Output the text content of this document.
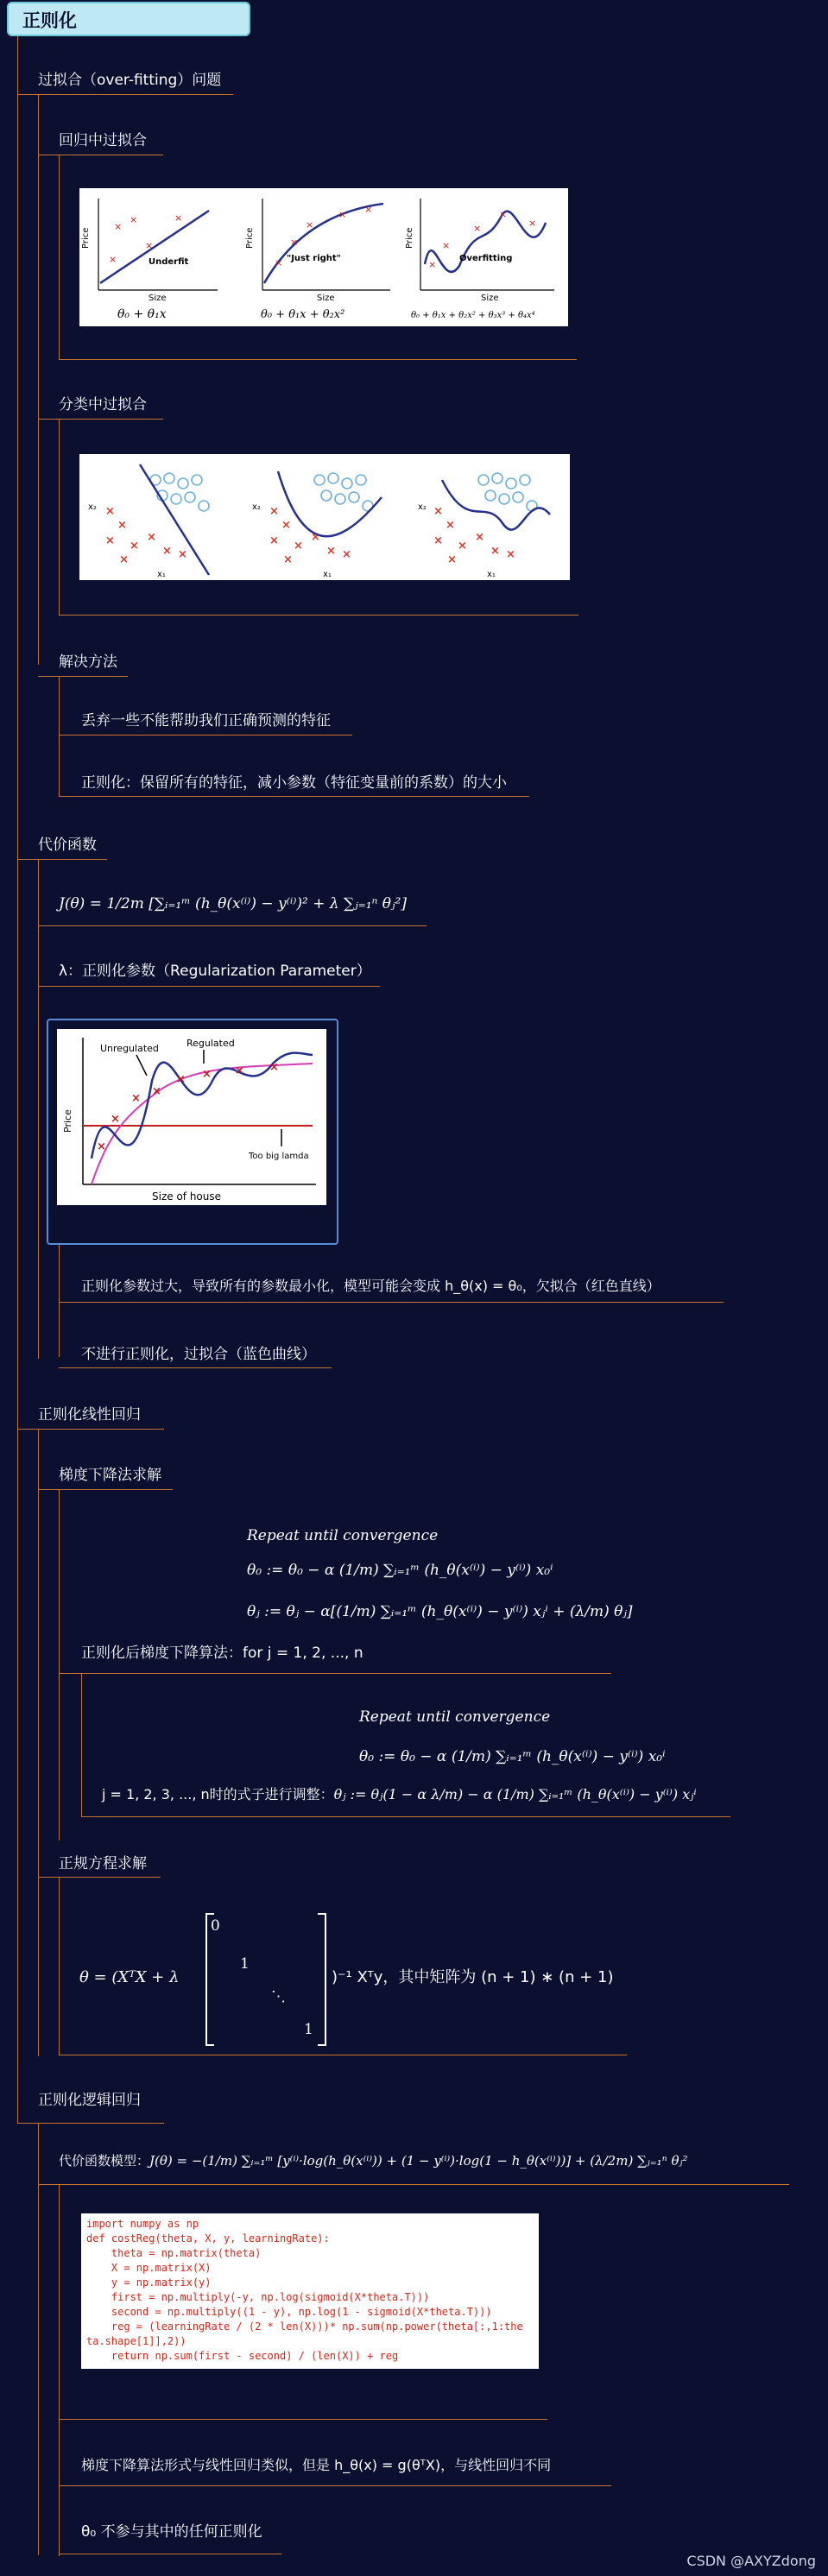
正则化（Regularization）
过拟合（over-fitting）问题
回归中过拟合
×
×
×
×
×	×
×
×
× ×
×
×
×
×
×
Price	Price	Price
Underfit	"Just right"	Overfitting
Size	Size	Size
θ₀ + θ₁x	θ₀ + θ₁x + θ₂x²	θ₀ + θ₁x + θ₂x² + θ₃x³ + θ₄x⁴
分类中过拟合
×
×
× ×
×
× ×
×
×
×
× ×
×
× ×
×
×
×
× ×
×
× ×
×
x₂	x₂	x₂
x₁	x₁	x₁
解决方法
丢弃一些不能帮助我们正确预测的特征
正则化：保留所有的特征，减小参数（特征变量前的系数）的大小
代价函数
J(θ) = 1/2m [∑ᵢ₌₁ᵐ (h_θ(x⁽ⁱ⁾) − y⁽ⁱ⁾)² + λ ∑ⱼ₌₁ⁿ θⱼ²]
λ：正则化参数（Regularization Parameter）
×
×
×
×
× × × ×
Unregulated	Regulated
Too big lamda
Size of house
Price
正则化参数过大，导致所有的参数最小化，模型可能会变成 h_θ(x) = θ₀，欠拟合（红色直线）
不进行正则化，过拟合（蓝色曲线）
正则化线性回归
梯度下降法求解
Repeat until convergence
θ₀ := θ₀ − α (1/m) ∑ᵢ₌₁ᵐ (h_θ(x⁽ⁱ⁾) − y⁽ⁱ⁾) x₀ⁱ
θⱼ := θⱼ − α[(1/m) ∑ᵢ₌₁ᵐ (h_θ(x⁽ⁱ⁾) − y⁽ⁱ⁾) xⱼⁱ + (λ/m) θⱼ]
正则化后梯度下降算法：for j = 1, 2, ..., n
Repeat until convergence
θ₀ := θ₀ − α (1/m) ∑ᵢ₌₁ᵐ (h_θ(x⁽ⁱ⁾) − y⁽ⁱ⁾) x₀ⁱ
j = 1, 2, 3, ..., n时的式子进行调整：θⱼ := θⱼ(1 − α λ/m) − α (1/m) ∑ᵢ₌₁ᵐ (h_θ(x⁽ⁱ⁾) − y⁽ⁱ⁾) xⱼⁱ
正规方程求解
θ = (XᵀX + λ
0
1
⋱
1
)⁻¹ Xᵀy，其中矩阵为 (n + 1) ∗ (n + 1)
正则化逻辑回归
代价函数模型：J(θ) = −(1/m) ∑ᵢ₌₁ᵐ [y⁽ⁱ⁾·log(h_θ(x⁽ⁱ⁾)) + (1 − y⁽ⁱ⁾)·log(1 − h_θ(x⁽ⁱ⁾))] + (λ/2m) ∑ⱼ₌₁ⁿ θⱼ²
import numpy as np
def costReg(theta, X, y, learningRate):
theta = np.matrix(theta)
X = np.matrix(X)
y = np.matrix(y)
first = np.multiply(-y, np.log(sigmoid(X*theta.T)))
second = np.multiply((1 - y), np.log(1 - sigmoid(X*theta.T)))
reg = (learningRate / (2 * len(X)))* np.sum(np.power(theta[:,1:the
ta.shape[1]],2))
return np.sum(first - second) / (len(X)) + reg
梯度下降算法形式与线性回归类似，但是 h_θ(x) = g(θᵀX)，与线性回归不同
θ₀ 不参与其中的任何正则化
CSDN @AXYZdong
